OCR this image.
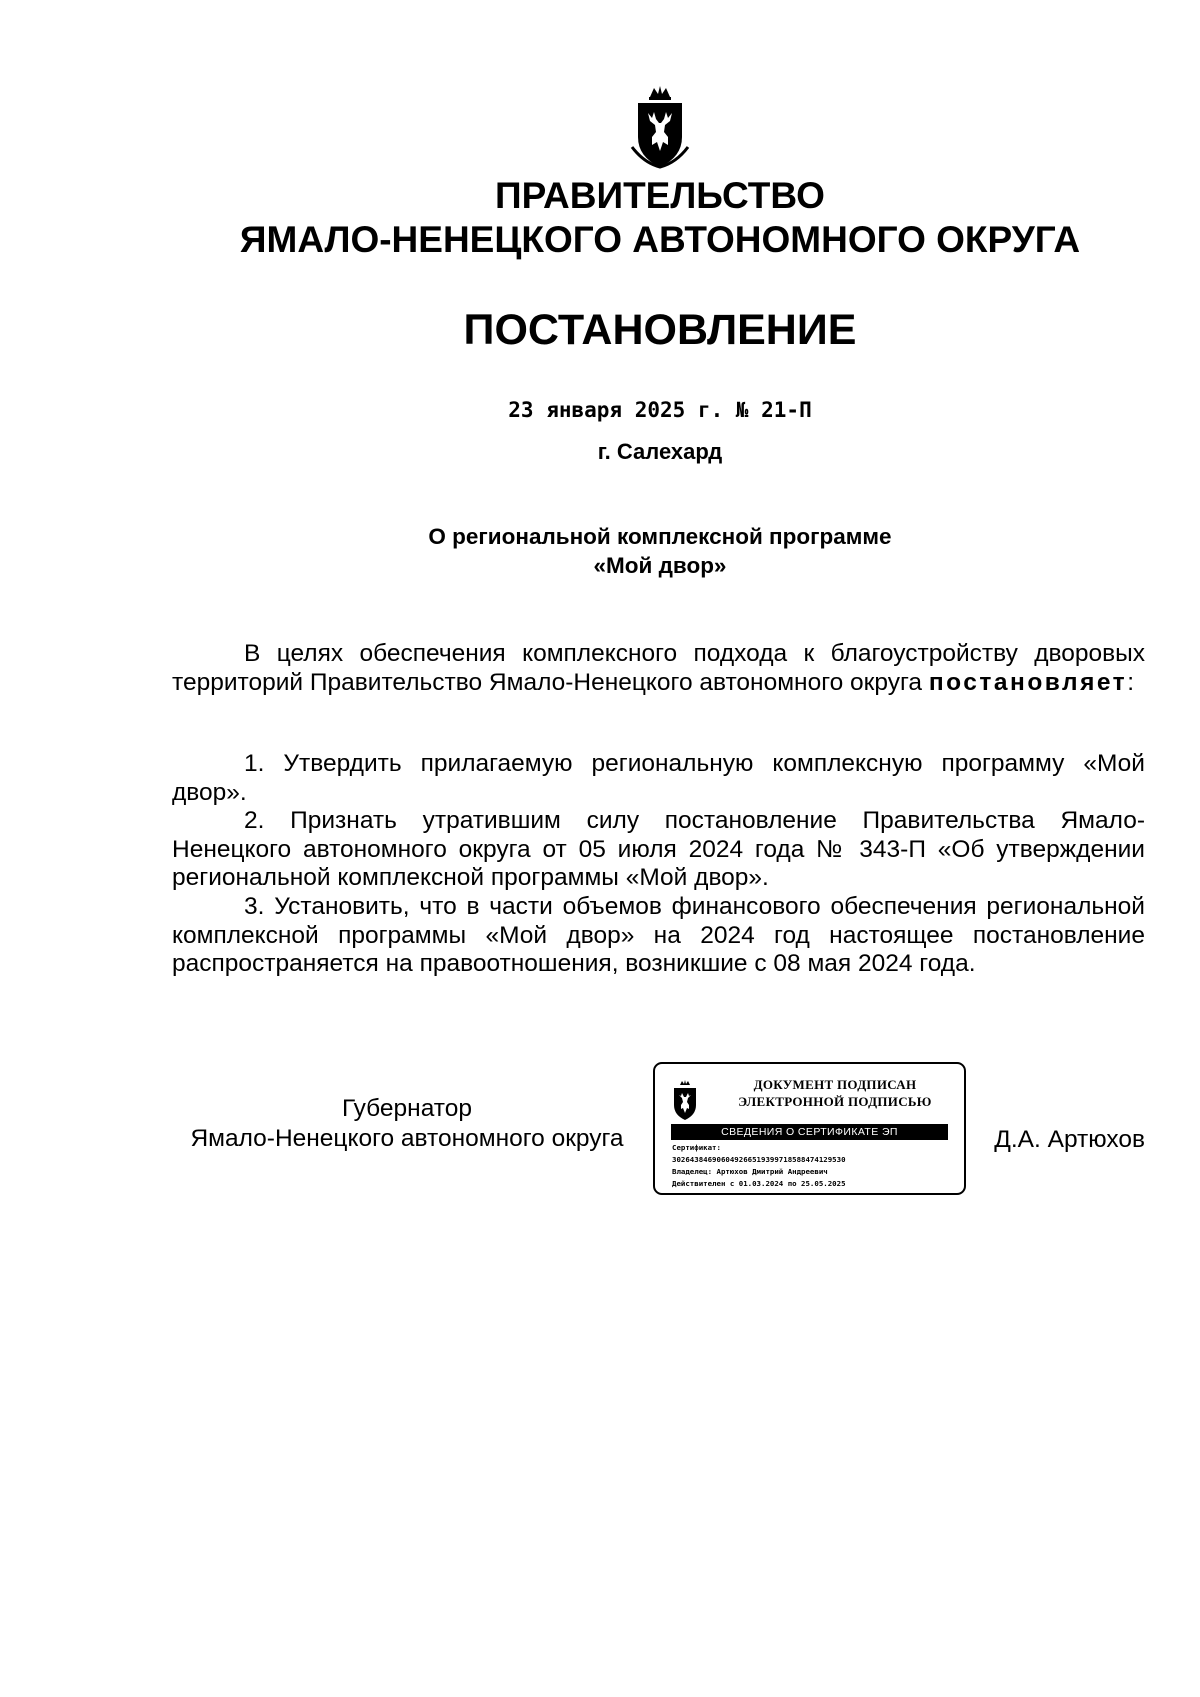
ПРАВИТЕЛЬСТВО
ЯМАЛО-НЕНЕЦКОГО АВТОНОМНОГО ОКРУГА
ПОСТАНОВЛЕНИЕ
23 января 2025 г. № 21-П
г. Салехард
О региональной комплексной программе
«Мой двор»

В целях обеспечения комплексного подхода к благоустройству дворовых территорий Правительство Ямало-Ненецкого автономного округа постановляет:

1. Утвердить прилагаемую региональную комплексную программу «Мой двор».

2. Признать утратившим силу постановление Правительства Ямало-Ненецкого автономного округа от 05 июля 2024 года № 343-П «Об утверждении региональной комплексной программы «Мой двор».

3. Установить, что в части объемов финансового обеспечения региональной комплексной программы «Мой двор» на 2024 год настоящее постановление распространяется на правоотношения, возникшие с 08 мая 2024 года.

Губернатор
Ямало-Ненецкого автономного округа
ДОКУМЕНТ ПОДПИСАН
ЭЛЕКТРОННОЙ ПОДПИСЬЮ
СВЕДЕНИЯ О СЕРТИФИКАТЕ ЭП
Сертификат:
302643846906049266519399718588474129530
Владелец: Артюхов Дмитрий Андреевич
Действителен с 01.03.2024 по 25.05.2025
Д.А. Артюхов
